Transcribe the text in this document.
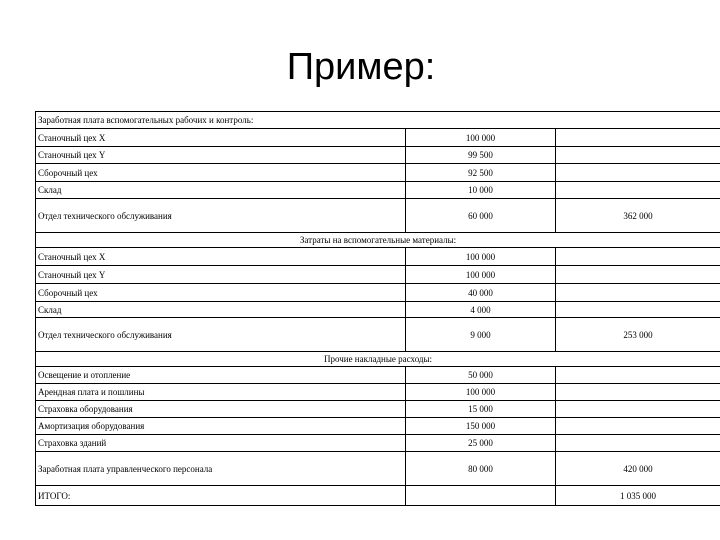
Пример:
Заработная плата вспомогательных рабочих и контроль:		
Станочный цех X	100 000	
Станочный цех Y	99 500	
Сборочный цех	92 500	
Склад	10 000	
Отдел технического обслуживания	60 000	362 000
Затраты на вспомогательные материалы:		
Станочный цех X	100 000	
Станочный цех Y	100 000	
Сборочный цех	40 000	
Склад	4 000	
Отдел технического обслуживания	9 000	253 000
Прочие накладные расходы:		
Освещение и отопление	50 000	
Арендная плата и пошлины	100 000	
Страховка оборудования	15 000	
Амортизация оборудования	150 000	
Страховка зданий	25 000	
Заработная плата управленческого персонала	80 000	420 000
ИТОГО:		1 035 000
